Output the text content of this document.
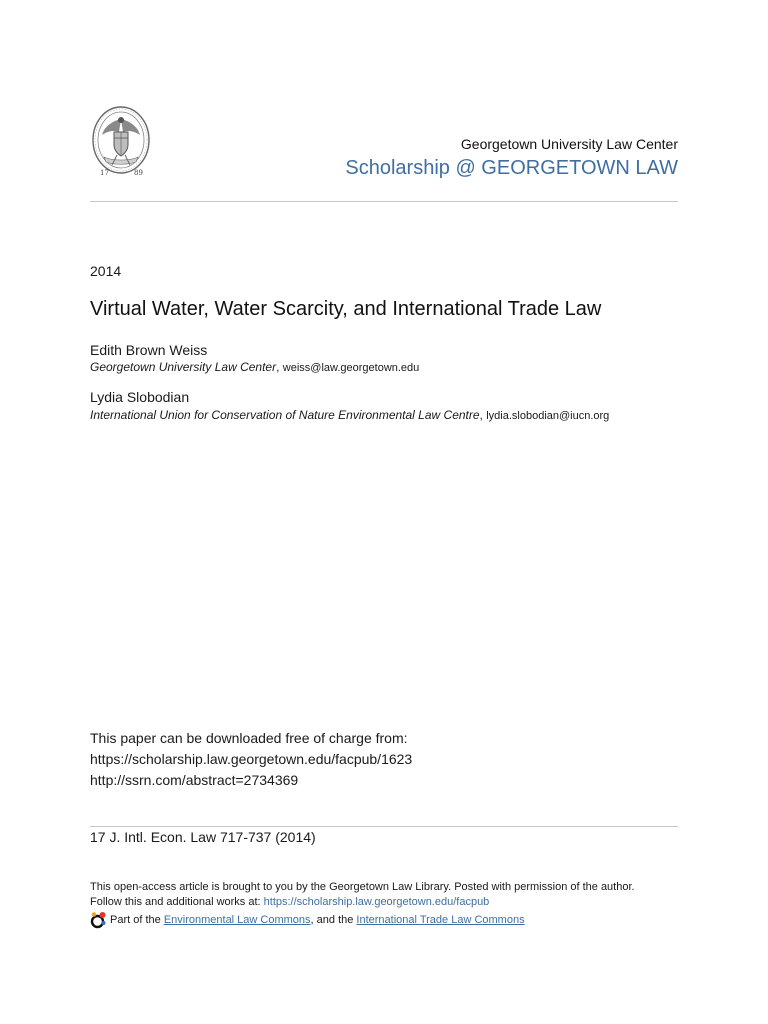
17	89
Georgetown University Law Center
Scholarship @ GEORGETOWN LAW
2014
Virtual Water, Water Scarcity, and International Trade Law
Edith Brown Weiss
Georgetown University Law Center, weiss@law.georgetown.edu
Lydia Slobodian
International Union for Conservation of Nature Environmental Law Centre, lydia.slobodian@iucn.org
This paper can be downloaded free of charge from:
https://scholarship.law.georgetown.edu/facpub/1623
http://ssrn.com/abstract=2734369
17 J. Intl. Econ. Law 717-737 (2014)
This open-access article is brought to you by the Georgetown Law Library. Posted with permission of the author.
Follow this and additional works at: https://scholarship.law.georgetown.edu/facpub
Part of the Environmental Law Commons , and the International Trade Law Commons
